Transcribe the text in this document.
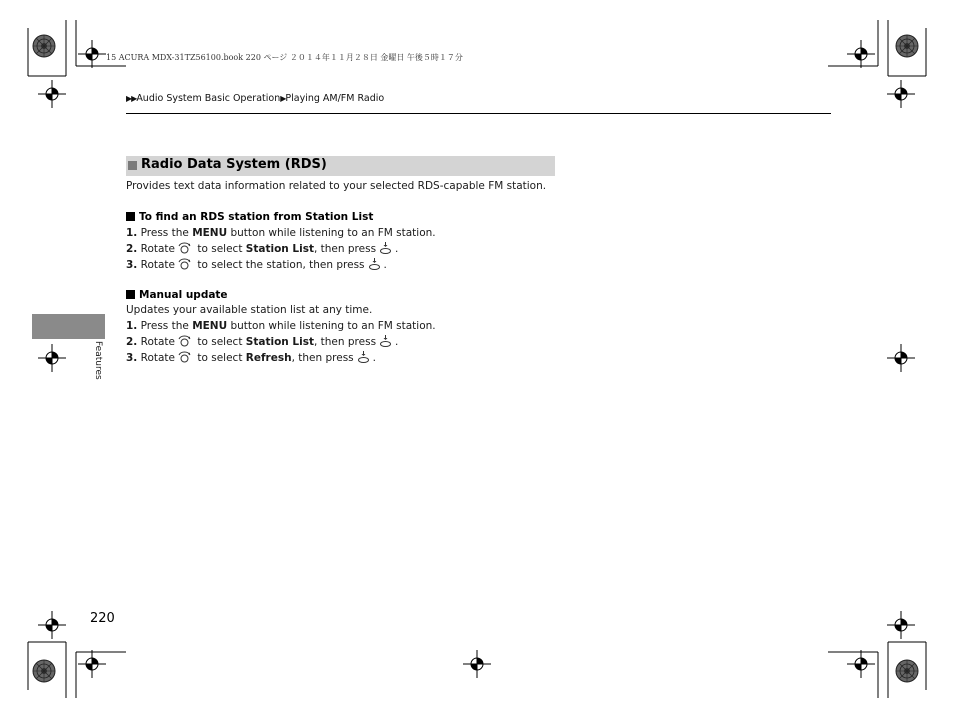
15 ACURA MDX-31TZ56100.book 220 ページ ２０１４年１１月２８日 金曜日 午後５時１７分
▶▶Audio System Basic Operation▶Playing AM/FM Radio
Radio Data System (RDS)
Provides text data information related to your selected RDS-capable FM station.
To find an RDS station from Station List
1. Press the MENU button while listening to an FM station.
2. Rotate to select Station List, then press .
3. Rotate to select the station, then press .
Manual update
Updates your available station list at any time.
1. Press the MENU button while listening to an FM station.
2. Rotate to select Station List, then press .
3. Rotate to select Refresh, then press .
Features
220
